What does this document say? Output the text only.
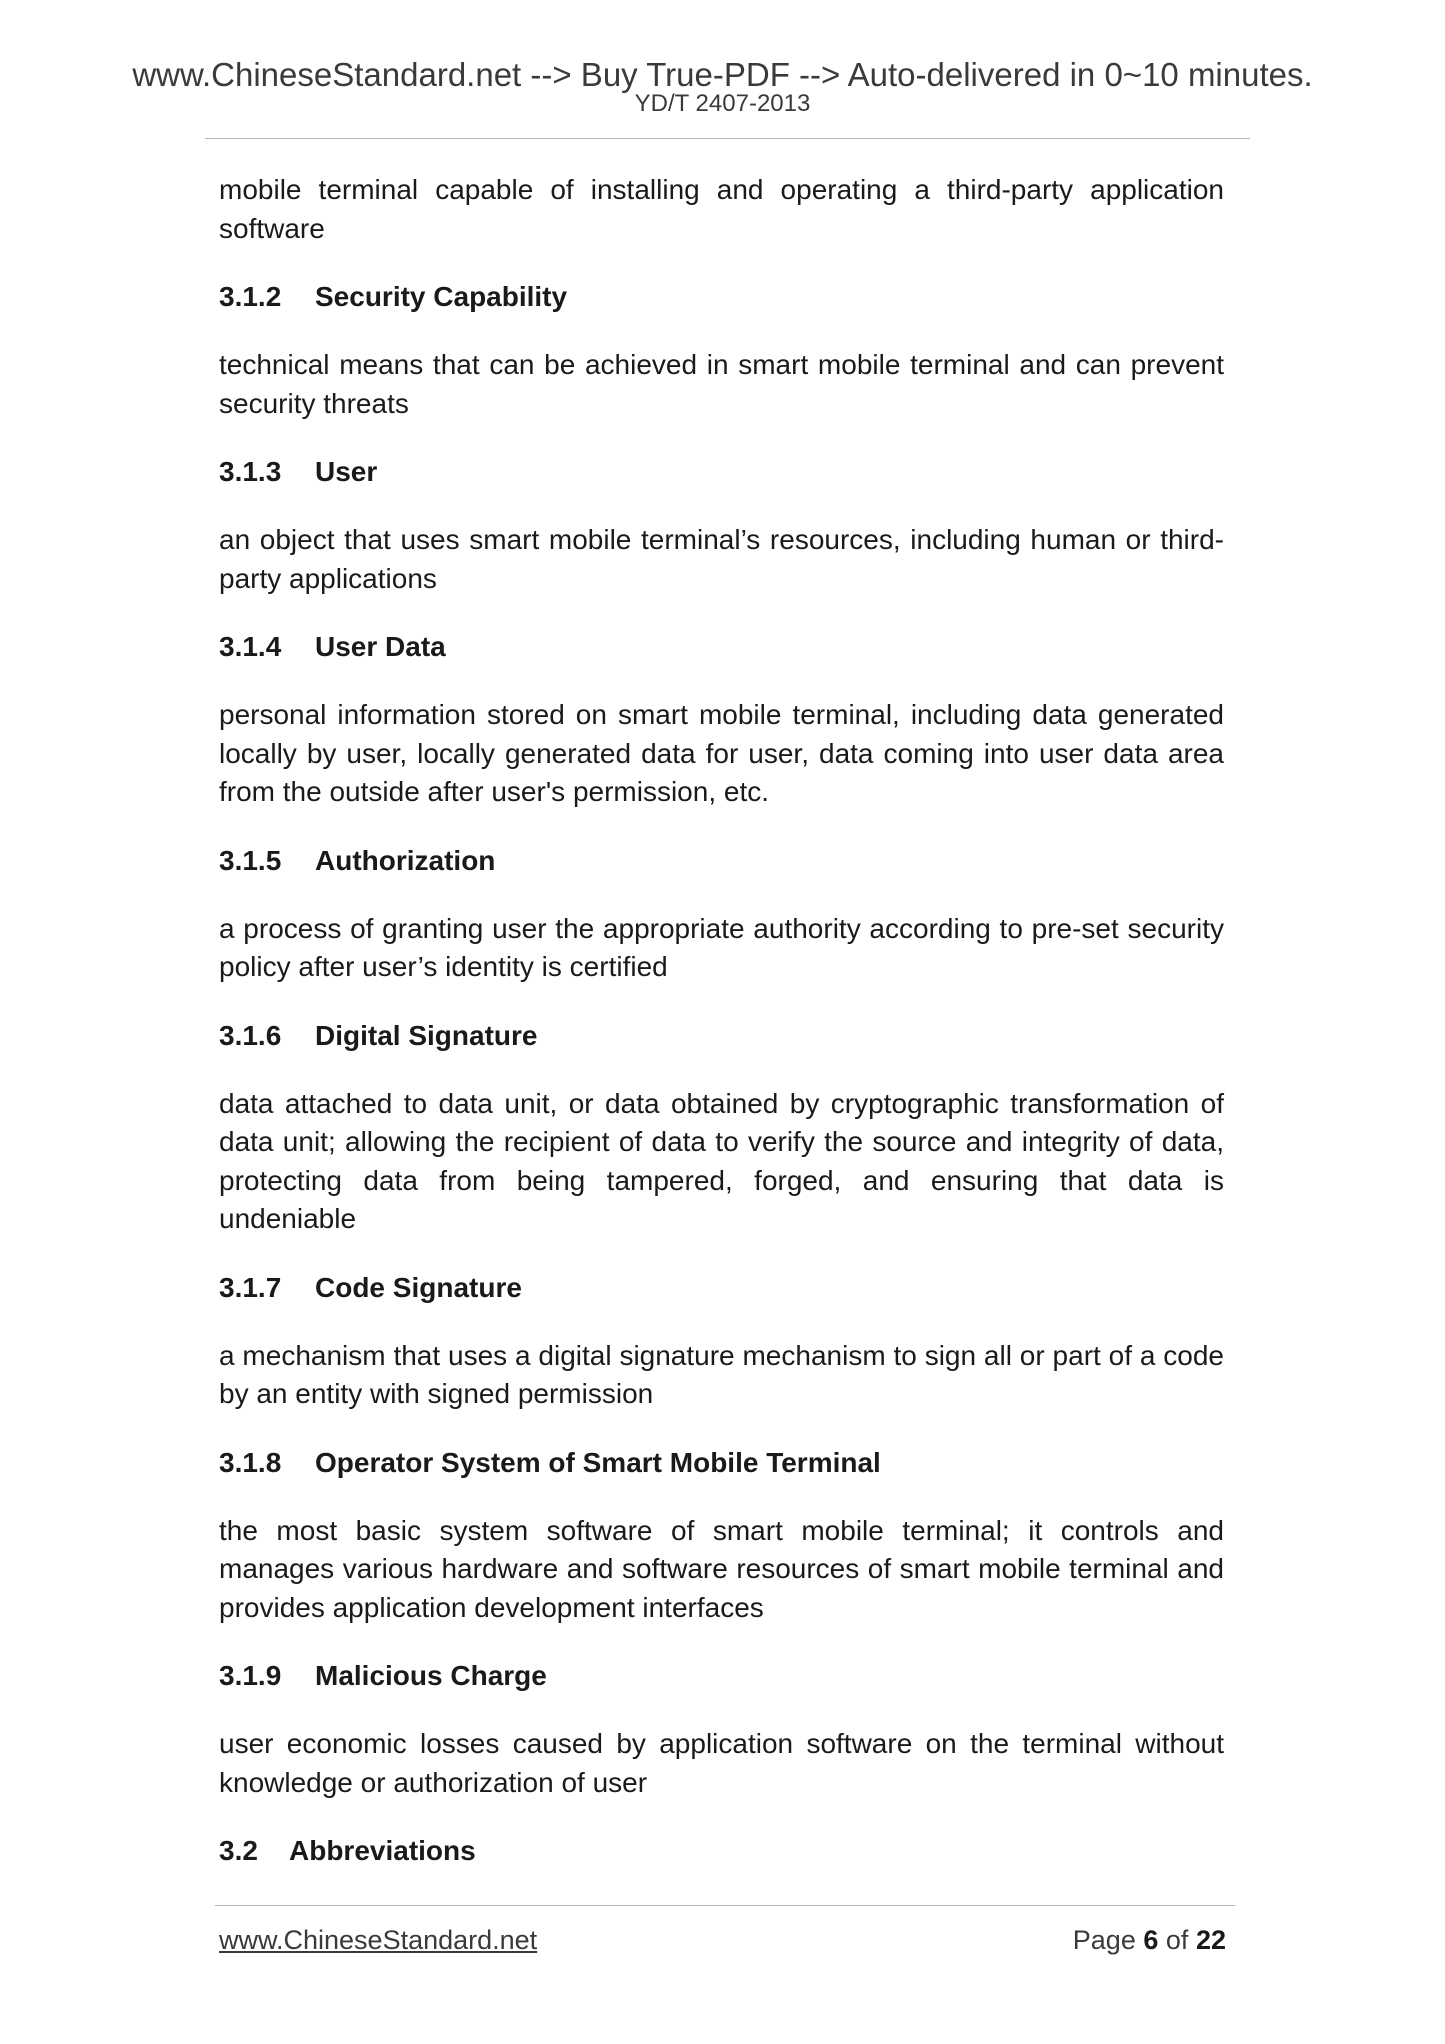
www.ChineseStandard.net --> Buy True-PDF --> Auto-delivered in 0~10 minutes.
YD/T 2407-2013

mobile terminal capable of installing and operating a third-party application software

3.1.2 Security Capability

technical means that can be achieved in smart mobile terminal and can prevent security threats

3.1.3 User

an object that uses smart mobile terminal’s resources, including human or third-party applications

3.1.4 User Data

personal information stored on smart mobile terminal, including data generated locally by user, locally generated data for user, data coming into user data area from the outside after user's permission, etc.

3.1.5 Authorization

a process of granting user the appropriate authority according to pre-set security policy after user’s identity is certified

3.1.6 Digital Signature

data attached to data unit, or data obtained by cryptographic transformation of data unit; allowing the recipient of data to verify the source and integrity of data, protecting data from being tampered, forged, and ensuring that data is undeniable

3.1.7 Code Signature

a mechanism that uses a digital signature mechanism to sign all or part of a code by an entity with signed permission

3.1.8 Operator System of Smart Mobile Terminal

the most basic system software of smart mobile terminal; it controls and manages various hardware and software resources of smart mobile terminal and provides application development interfaces

3.1.9 Malicious Charge

user economic losses caused by application software on the terminal without knowledge or authorization of user

3.2 Abbreviations
www.ChineseStandard.net	Page 6 of 22
